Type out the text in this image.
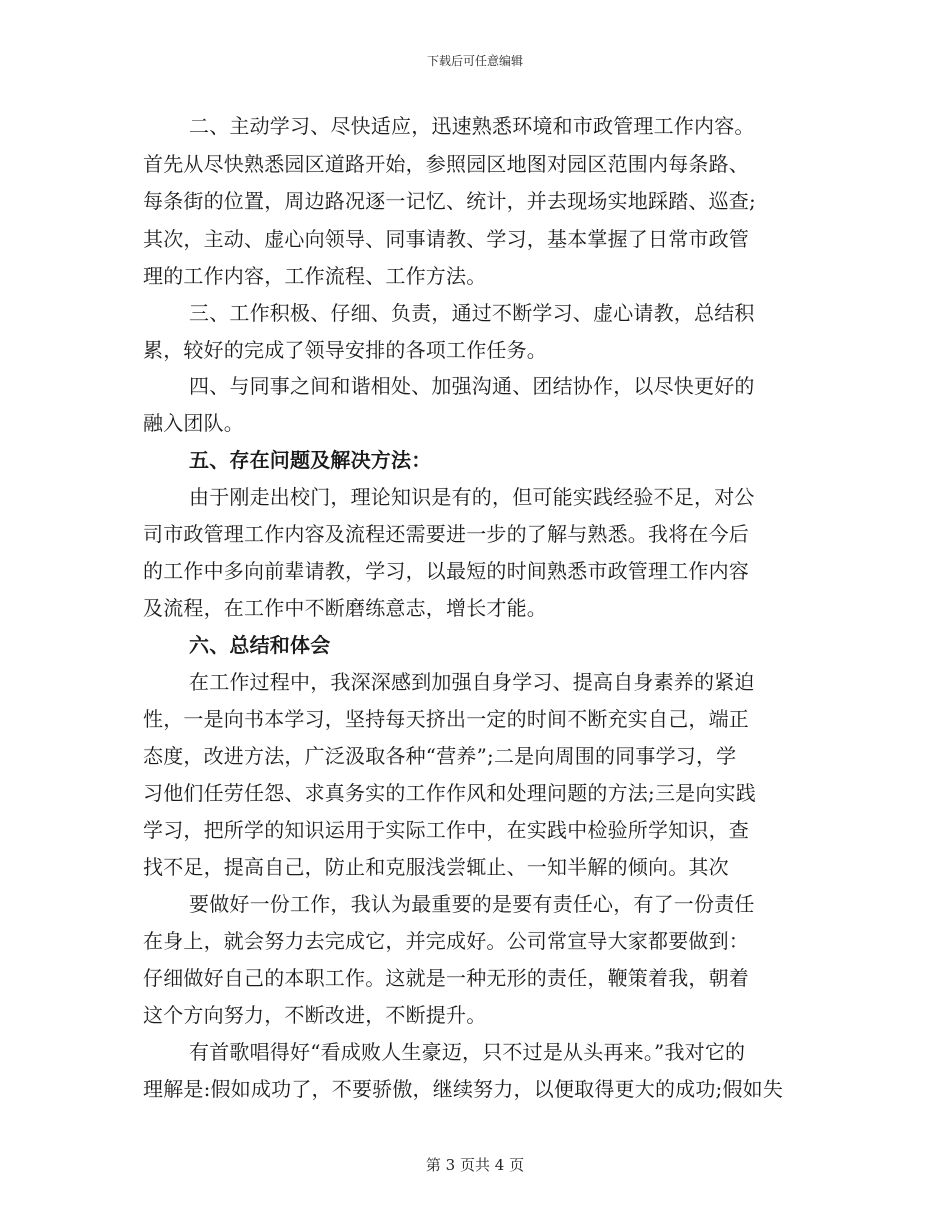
下载后可任意编辑
二、主动学习、尽快适应，迅速熟悉环境和市政管理工作内容。
首先从尽快熟悉园区道路开始，参照园区地图对园区范围内每条路、
每条街的位置，周边路况逐一记忆、统计，并去现场实地踩踏、巡查;
其次，主动、虚心向领导、同事请教、学习，基本掌握了日常市政管
理的工作内容，工作流程、工作方法。
三、工作积极、仔细、负责，通过不断学习、虚心请教，总结积
累，较好的完成了领导安排的各项工作任务。
四、与同事之间和谐相处、加强沟通、团结协作，以尽快更好的
融入团队。
五、存在问题及解决方法：
由于刚走出校门，理论知识是有的，但可能实践经验不足，对公
司市政管理工作内容及流程还需要进一步的了解与熟悉。我将在今后
的工作中多向前辈请教，学习，以最短的时间熟悉市政管理工作内容
及流程，在工作中不断磨练意志，增长才能。
六、总结和体会
在工作过程中，我深深感到加强自身学习、提高自身素养的紧迫
性，一是向书本学习，坚持每天挤出一定的时间不断充实自己，端正
态度，改进方法，广泛汲取各种“营养”;二是向周围的同事学习，学
习他们任劳任怨、求真务实的工作作风和处理问题的方法;三是向实践
学习，把所学的知识运用于实际工作中，在实践中检验所学知识，查
找不足，提高自己，防止和克服浅尝辄止、一知半解的倾向。其次
要做好一份工作，我认为最重要的是要有责任心，有了一份责任
在身上，就会努力去完成它，并完成好。公司常宣导大家都要做到：
仔细做好自己的本职工作。这就是一种无形的责任，鞭策着我，朝着
这个方向努力，不断改进，不断提升。
有首歌唱得好“看成败人生豪迈，只不过是从头再来。”我对它的
理解是:假如成功了，不要骄傲，继续努力，以便取得更大的成功;假如失
第 3 页共 4 页
